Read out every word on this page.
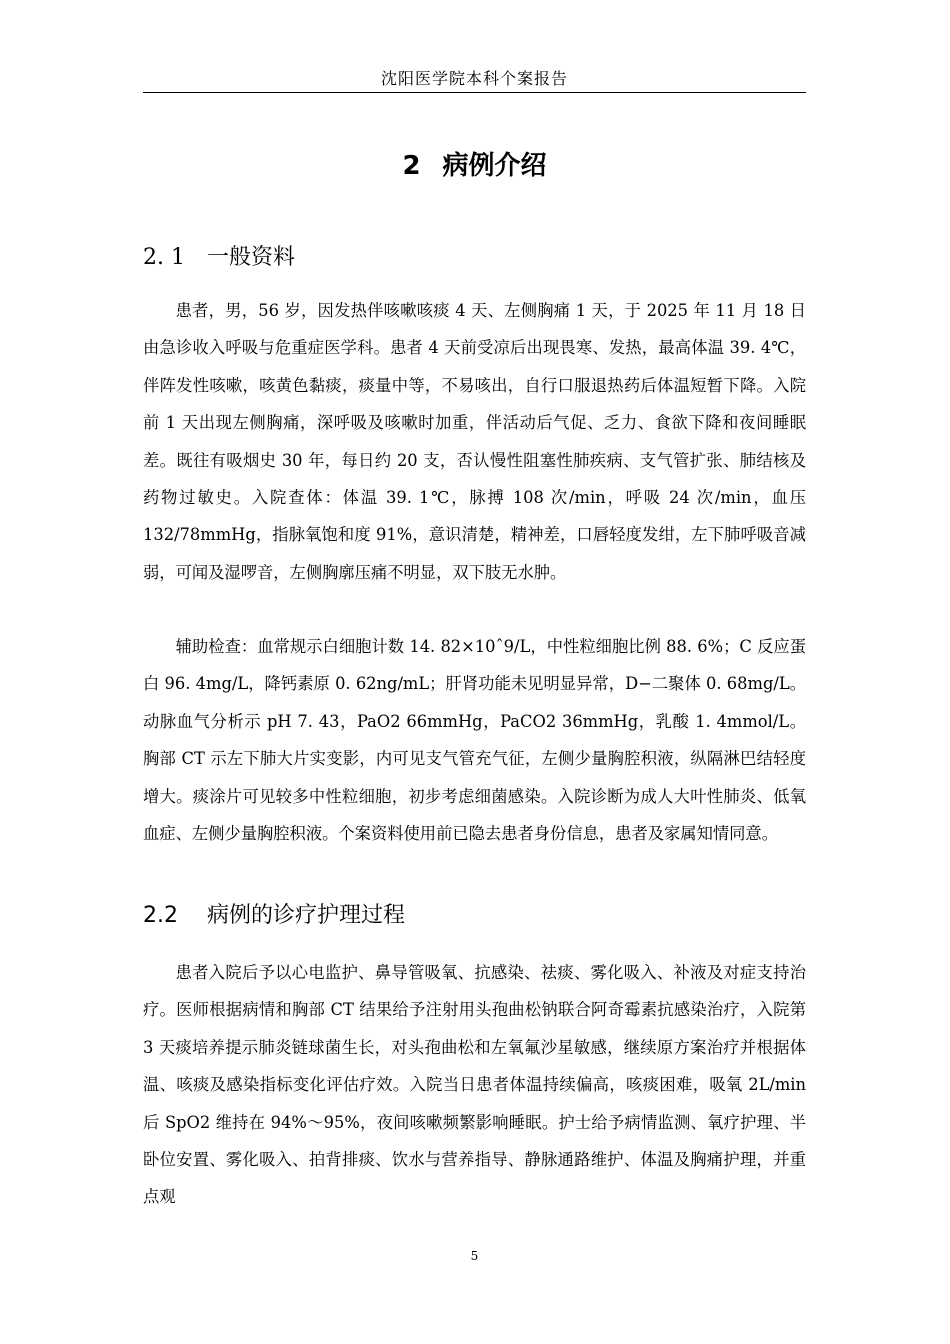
沈阳医学院本科个案报告
2 病例介绍
2. 1 一般资料

患者，男，56 岁，因发热伴咳嗽咳痰 4 天、左侧胸痛 1 天，于 2025 年 11 月 18 日由急诊收入呼吸与危重症医学科。患者 4 天前受凉后出现畏寒、发热，最高体温 39. 4℃，伴阵发性咳嗽，咳黄色黏痰，痰量中等，不易咳出，自行口服退热药后体温短暂下降。入院前 1 天出现左侧胸痛，深呼吸及咳嗽时加重，伴活动后气促、乏力、食欲下降和夜间睡眠差。既往有吸烟史 30 年，每日约 20 支，否认慢性阻塞性肺疾病、支气管扩张、肺结核及药物过敏史。入院查体：体温 39. 1℃，脉搏 108 次/min，呼吸 24 次/min，血压 132/78mmHg，指脉氧饱和度 91%，意识清楚，精神差，口唇轻度发绀，左下肺呼吸音减弱，可闻及湿啰音，左侧胸廓压痛不明显，双下肢无水肿。

辅助检查：血常规示白细胞计数 14. 82×10ˆ9/L，中性粒细胞比例 88. 6%；C 反应蛋白 96. 4mg/L，降钙素原 0. 62ng/mL；肝肾功能未见明显异常，D−二聚体 0. 68mg/L。动脉血气分析示 pH 7. 43，PaO2 66mmHg，PaCO2 36mmHg，乳酸 1. 4mmol/L。胸部 CT 示左下肺大片实变影，内可见支气管充气征，左侧少量胸腔积液，纵隔淋巴结轻度增大。痰涂片可见较多中性粒细胞，初步考虑细菌感染。入院诊断为成人大叶性肺炎、低氧血症、左侧少量胸腔积液。个案资料使用前已隐去患者身份信息，患者及家属知情同意。

2.2 病例的诊疗护理过程

患者入院后予以心电监护、鼻导管吸氧、抗感染、祛痰、雾化吸入、补液及对症支持治疗。医师根据病情和胸部 CT 结果给予注射用头孢曲松钠联合阿奇霉素抗感染治疗，入院第 3 天痰培养提示肺炎链球菌生长，对头孢曲松和左氧氟沙星敏感，继续原方案治疗并根据体温、咳痰及感染指标变化评估疗效。入院当日患者体温持续偏高，咳痰困难，吸氧 2L/min 后 SpO2 维持在 94%～95%，夜间咳嗽频繁影响睡眠。护士给予病情监测、氧疗护理、半卧位安置、雾化吸入、拍背排痰、饮水与营养指导、静脉通路维护、体温及胸痛护理，并重点观

5
